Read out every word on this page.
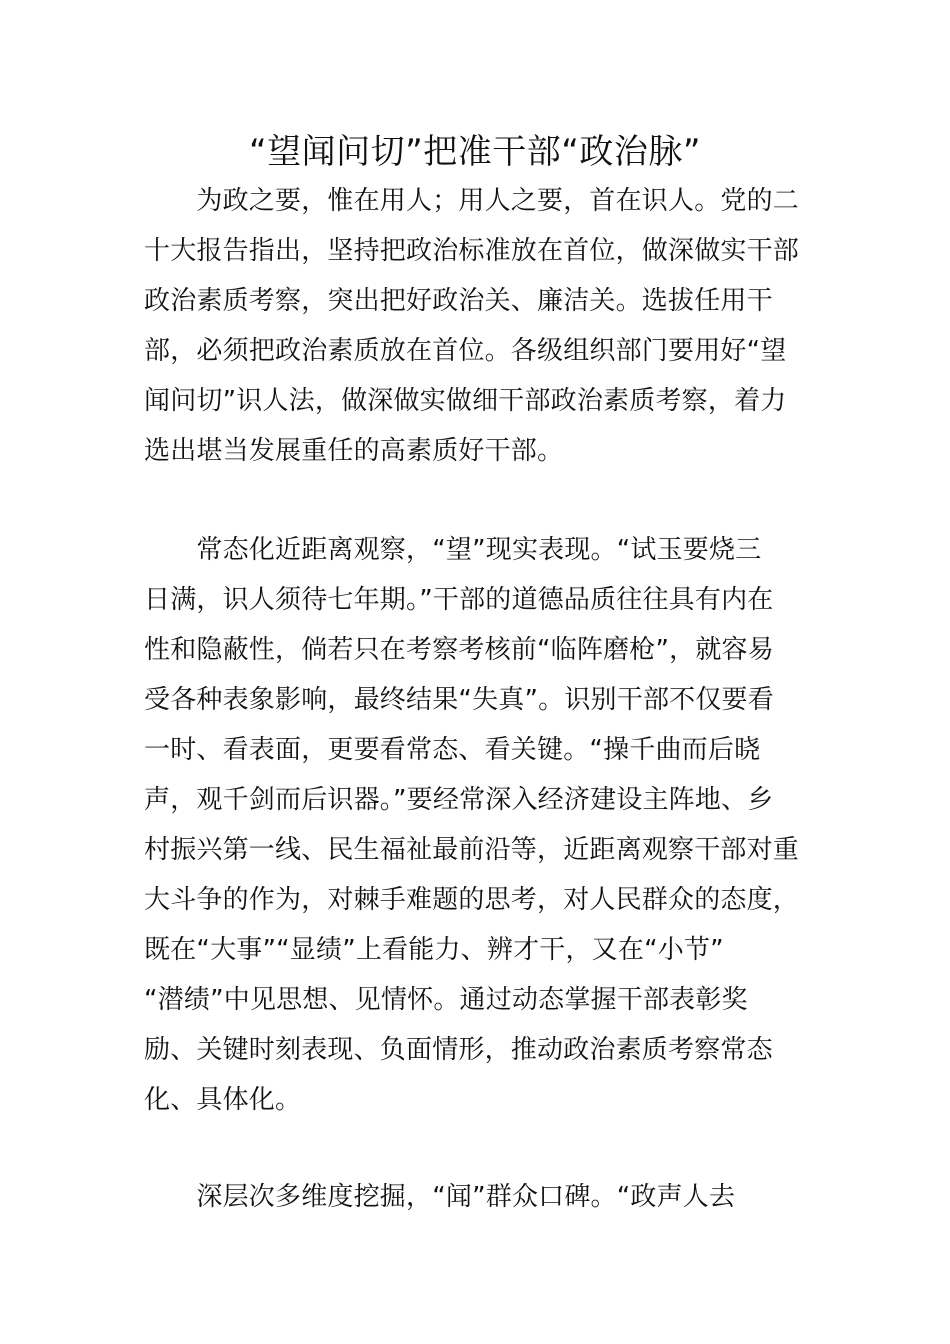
“望闻问切”把准干部“政治脉”
　　为政之要，惟在用人；用人之要，首在识人。党的二
十大报告指出，坚持把政治标准放在首位，做深做实干部
政治素质考察，突出把好政治关、廉洁关。选拔任用干
部，必须把政治素质放在首位。各级组织部门要用好“望
闻问切”识人法，做深做实做细干部政治素质考察，着力
选出堪当发展重任的高素质好干部。
　　常态化近距离观察，“望”现实表现。“试玉要烧三
日满，识人须待七年期。”干部的道德品质往往具有内在
性和隐蔽性，倘若只在考察考核前“临阵磨枪”，就容易
受各种表象影响，最终结果“失真”。识别干部不仅要看
一时、看表面，更要看常态、看关键。“操千曲而后晓
声，观千剑而后识器。”要经常深入经济建设主阵地、乡
村振兴第一线、民生福祉最前沿等，近距离观察干部对重
大斗争的作为，对棘手难题的思考，对人民群众的态度，
既在“大事”“显绩”上看能力、辨才干，又在“小节”
“潜绩”中见思想、见情怀。通过动态掌握干部表彰奖
励、关键时刻表现、负面情形，推动政治素质考察常态
化、具体化。
　　深层次多维度挖掘，“闻”群众口碑。“政声人去
